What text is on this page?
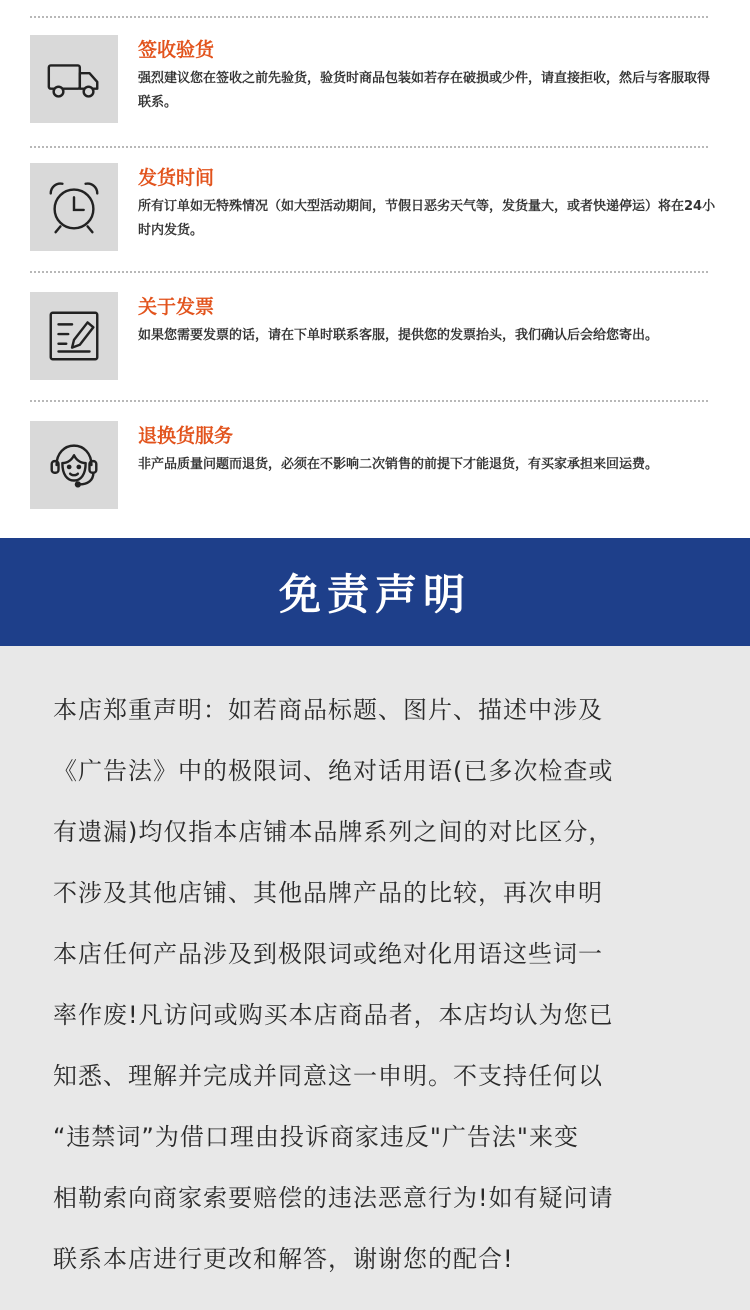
签收验货
强烈建议您在签收之前先验货，验货时商品包装如若存在破损或少件，请直接拒收，然后与客服取得联系。
发货时间
所有订单如无特殊情况（如大型活动期间，节假日恶劣天气等，发货量大，或者快递停运）将在24小时内发货。
关于发票
如果您需要发票的话，请在下单时联系客服，提供您的发票抬头，我们确认后会给您寄出。
退换货服务
非产品质量问题而退货，必须在不影响二次销售的前提下才能退货，有买家承担来回运费。
免责声明
本店郑重声明：如若商品标题、图片、描述中涉及
《广告法》中的极限词、绝对话用语(已多次检查或
有遗漏)均仅指本店铺本品牌系列之间的对比区分，
不涉及其他店铺、其他品牌产品的比较，再次申明
本店任何产品涉及到极限词或绝对化用语这些词一
率作废!凡访问或购买本店商品者，本店均认为您已
知悉、理解并完成并同意这一申明。不支持任何以
“违禁词”为借口理由投诉商家违反"广告法"来变
相勒索向商家索要赔偿的违法恶意行为!如有疑问请
联系本店进行更改和解答，谢谢您的配合!
